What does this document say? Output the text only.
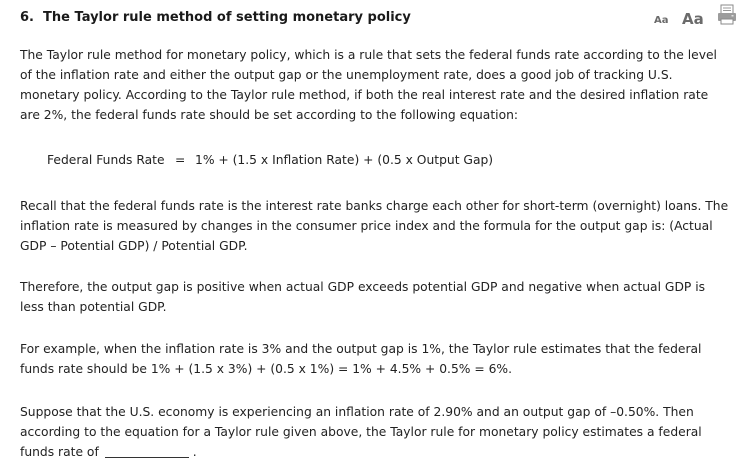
6. The Taylor rule method of setting monetary policy	Aa Aa

The Taylor rule method for monetary policy, which is a rule that sets the federal funds rate according to the level of the inflation rate and either the output gap or the unemployment rate, does a good job of tracking U.S. monetary policy. According to the Taylor rule method, if both the real interest rate and the desired inflation rate are 2%, the federal funds rate should be set according to the following equation:

Federal Funds Rate = 1% + (1.5 x Inflation Rate) + (0.5 x Output Gap)

Recall that the federal funds rate is the interest rate banks charge each other for short-term (overnight) loans. The inflation rate is measured by changes in the consumer price index and the formula for the output gap is: (Actual GDP – Potential GDP) / Potential GDP.

Therefore, the output gap is positive when actual GDP exceeds potential GDP and negative when actual GDP is less than potential GDP.

For example, when the inflation rate is 3% and the output gap is 1%, the Taylor rule estimates that the federal funds rate should be 1% + (1.5 x 3%) + (0.5 x 1%) = 1% + 4.5% + 0.5% = 6%.

Suppose that the U.S. economy is experiencing an inflation rate of 2.90% and an output gap of –0.50%. Then according to the equation for a Taylor rule given above, the Taylor rule for monetary policy estimates a federal funds rate of	.
